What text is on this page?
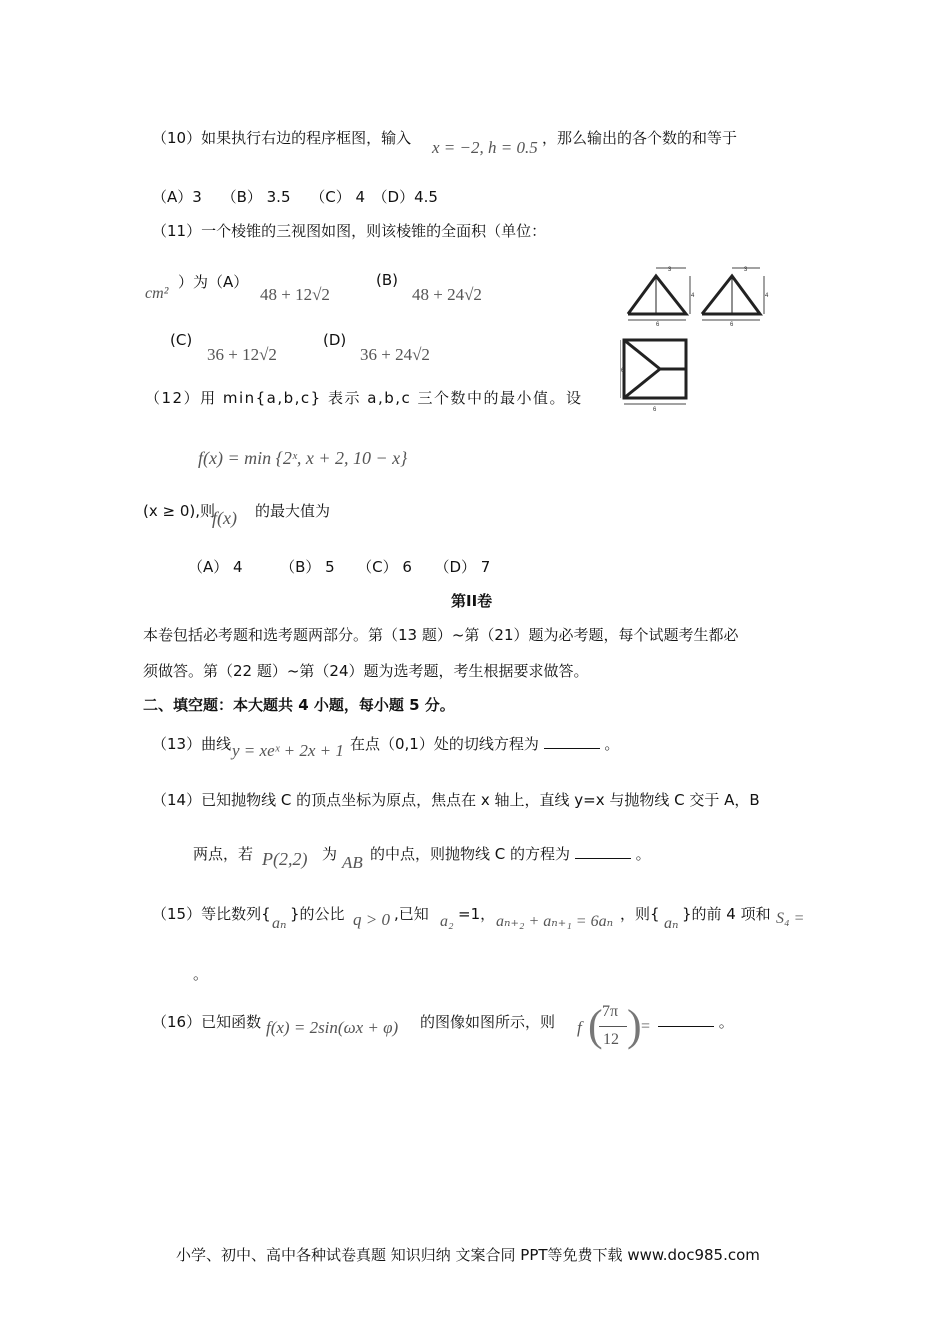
（10）如果执行右边的程序框图，输入 x = −2, h = 0.5 ，那么输出的各个数的和等于
（A）3　 （B） 3.5　 （C） 4　（D）4.5
（11）一个棱锥的三视图如图，则该棱锥的全面积（单位：
cm²
）为（A）
48 + 12√2
(B)
48 + 24√2
(C)
36 + 12√2
(D)
36 + 24√2
3	3
4
6
4
6
6
6
（12）用 min{a,b,c} 表示 a,b,c 三个数中的最小值。设
f(x) = min {2ˣ, x + 2, 10 − x}
(x ≥ 0),则
f(x) 的最大值为
（A） 4　　　（B） 5　　（C） 6　　（D） 7
第II卷
本卷包括必考题和选考题两部分。第（13 题）~第（21）题为必考题，每个试题考生都必
须做答。第（22 题）~第（24）题为选考题，考生根据要求做答。
二、填空题：本大题共 4 小题，每小题 5 分。
（13）曲线 y = xeˣ + 2x + 1 在点（0,1）处的切线方程为	。
（14）已知抛物线 C 的顶点坐标为原点，焦点在 x 轴上，直线 y=x 与抛物线 C 交于 A，B
两点，若 P(2,2) 为 AB 的中点，则抛物线 C 的方程为	。
（15）等比数列{
aₙ
}的公比 q > 0 ,已知 a₂ =1， aₙ₊₂ + aₙ₊₁ = 6aₙ ，则{
aₙ
}的前 4 项和 S₄ =
。
（16）已知函数 f(x) = 2sin(ωx + φ) 的图像如图所示，则 f ( 7π
12 ) =	。
小学、初中、高中各种试卷真题 知识归纳 文案合同 PPT等免费下载 www.doc985.com
